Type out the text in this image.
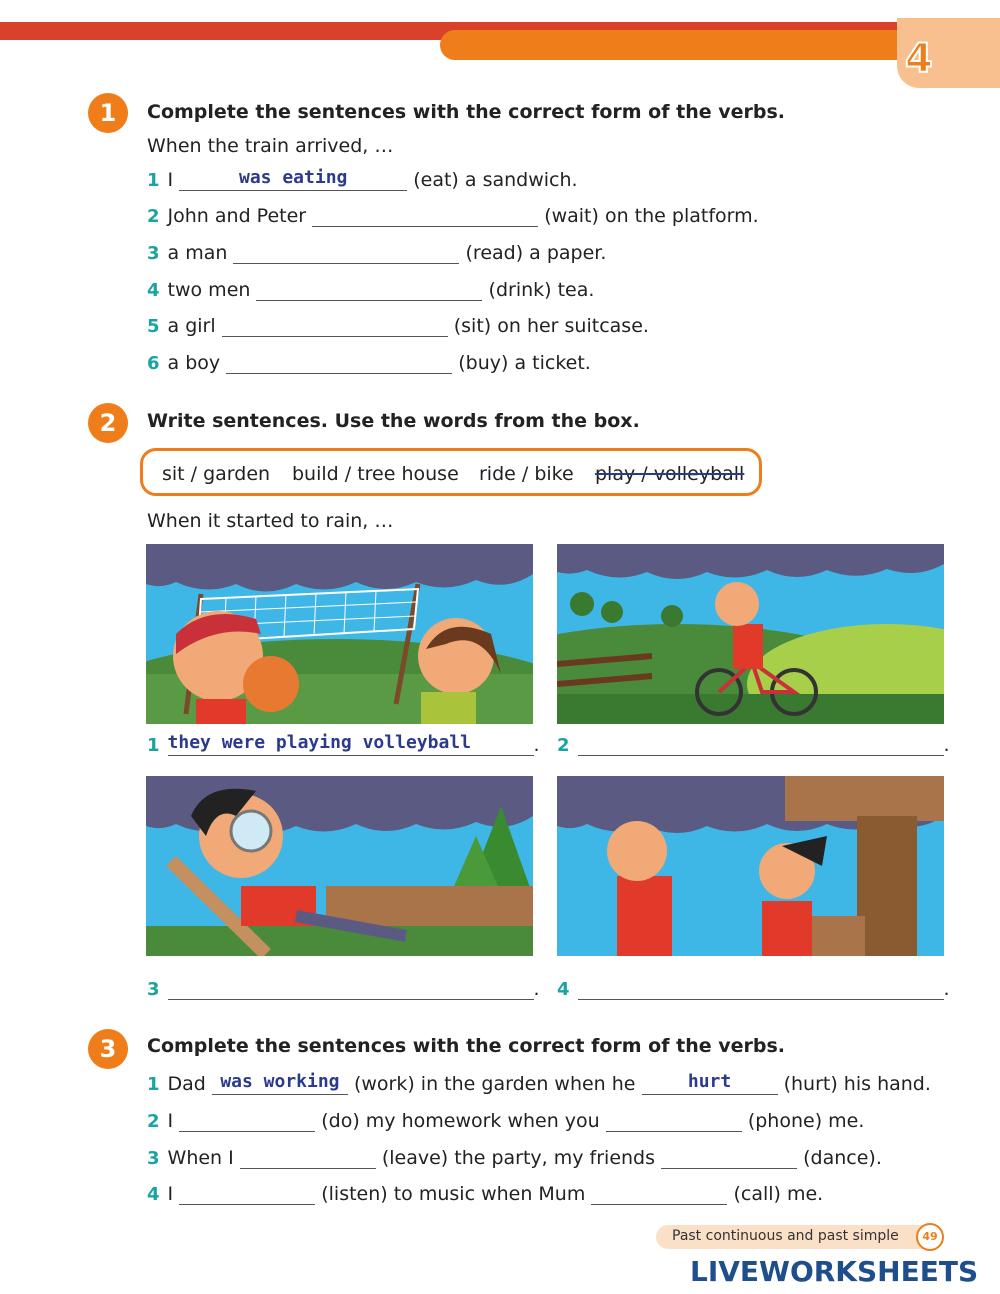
4
1	Complete the sentences with the correct form of the verbs.
When the train arrived, …
1 I	was eating	(eat) a sandwich.
2 John and Peter	(wait) on the platform.
3 a man	(read) a paper.
4 two men	(drink) tea.
5 a girl	(sit) on her suitcase.
6 a boy	(buy) a ticket.
2	Write sentences. Use the words from the box.
sit / garden build / tree house ride / bike play / volleyball
When it started to rain, …
1 they were playing volleyball	. 2	.
3	. 4	.
3	Complete the sentences with the correct form of the verbs.
1 Dad was working (work) in the garden when he	hurt	(hurt) his hand.
2 I	(do) my homework when you	(phone) me.
3 When I	(leave) the party, my friends	(dance).
4 I	(listen) to music when Mum	(call) me.
Past continuous and past simple	49
LIVEWORKSHEETS
